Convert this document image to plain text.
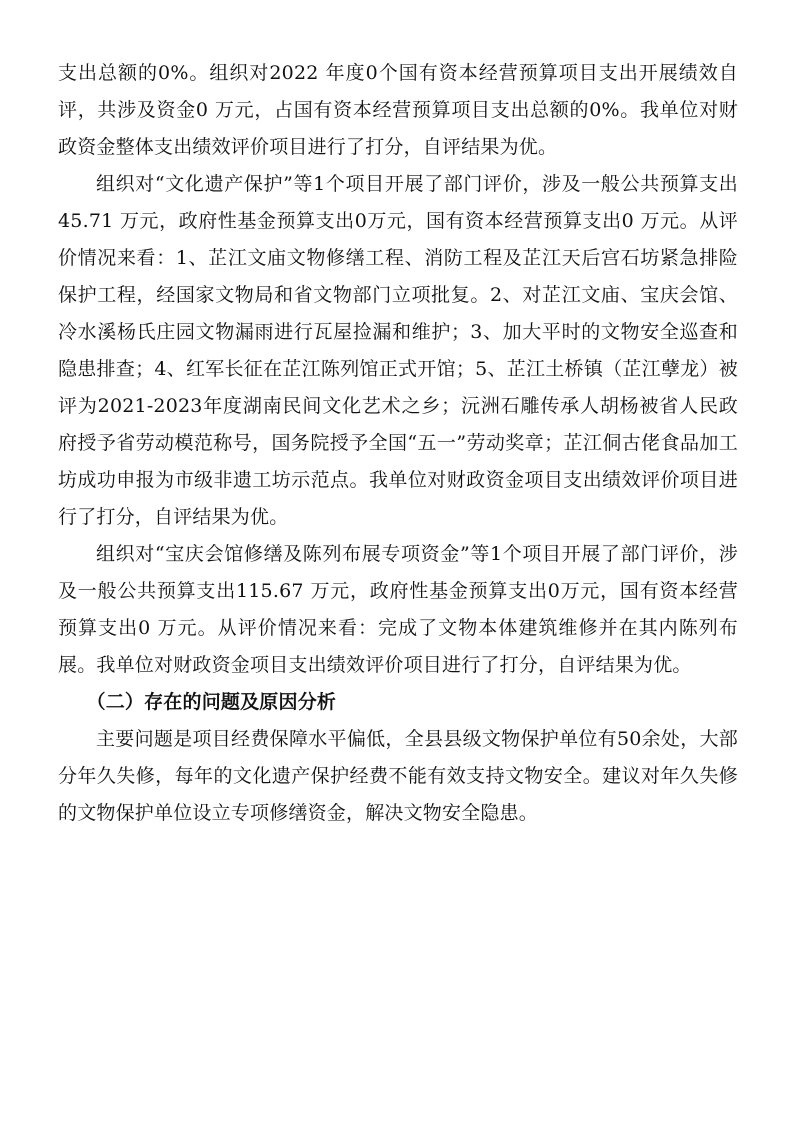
支出总额的0%。组织对2022 年度0个国有资本经营预算项目支出开展绩效自评，共涉及资金0 万元，占国有资本经营预算项目支出总额的0%。我单位对财政资金整体支出绩效评价项目进行了打分，自评结果为优。

组织对“文化遗产保护”等1个项目开展了部门评价，涉及一般公共预算支出45.71 万元，政府性基金预算支出0万元，国有资本经营预算支出0 万元。从评价情况来看：1、芷江文庙文物修缮工程、消防工程及芷江天后宫石坊紧急排险保护工程，经国家文物局和省文物部门立项批复。2、对芷江文庙、宝庆会馆、冷水溪杨氏庄园文物漏雨进行瓦屋捡漏和维护；3、加大平时的文物安全巡查和隐患排查；4、红军长征在芷江陈列馆正式开馆；5、芷江土桥镇（芷江孽龙）被评为2021-2023年度湖南民间文化艺术之乡；沅洲石雕传承人胡杨被省人民政府授予省劳动模范称号，国务院授予全国“五一”劳动奖章；芷江侗古佬食品加工坊成功申报为市级非遗工坊示范点。我单位对财政资金项目支出绩效评价项目进行了打分，自评结果为优。

组织对“宝庆会馆修缮及陈列布展专项资金”等1个项目开展了部门评价，涉及一般公共预算支出115.67 万元，政府性基金预算支出0万元，国有资本经营预算支出0 万元。从评价情况来看：完成了文物本体建筑维修并在其内陈列布展。我单位对财政资金项目支出绩效评价项目进行了打分，自评结果为优。

（二）存在的问题及原因分析

主要问题是项目经费保障水平偏低，全县县级文物保护单位有50余处，大部分年久失修，每年的文化遗产保护经费不能有效支持文物安全。建议对年久失修的文物保护单位设立专项修缮资金，解决文物安全隐患。
